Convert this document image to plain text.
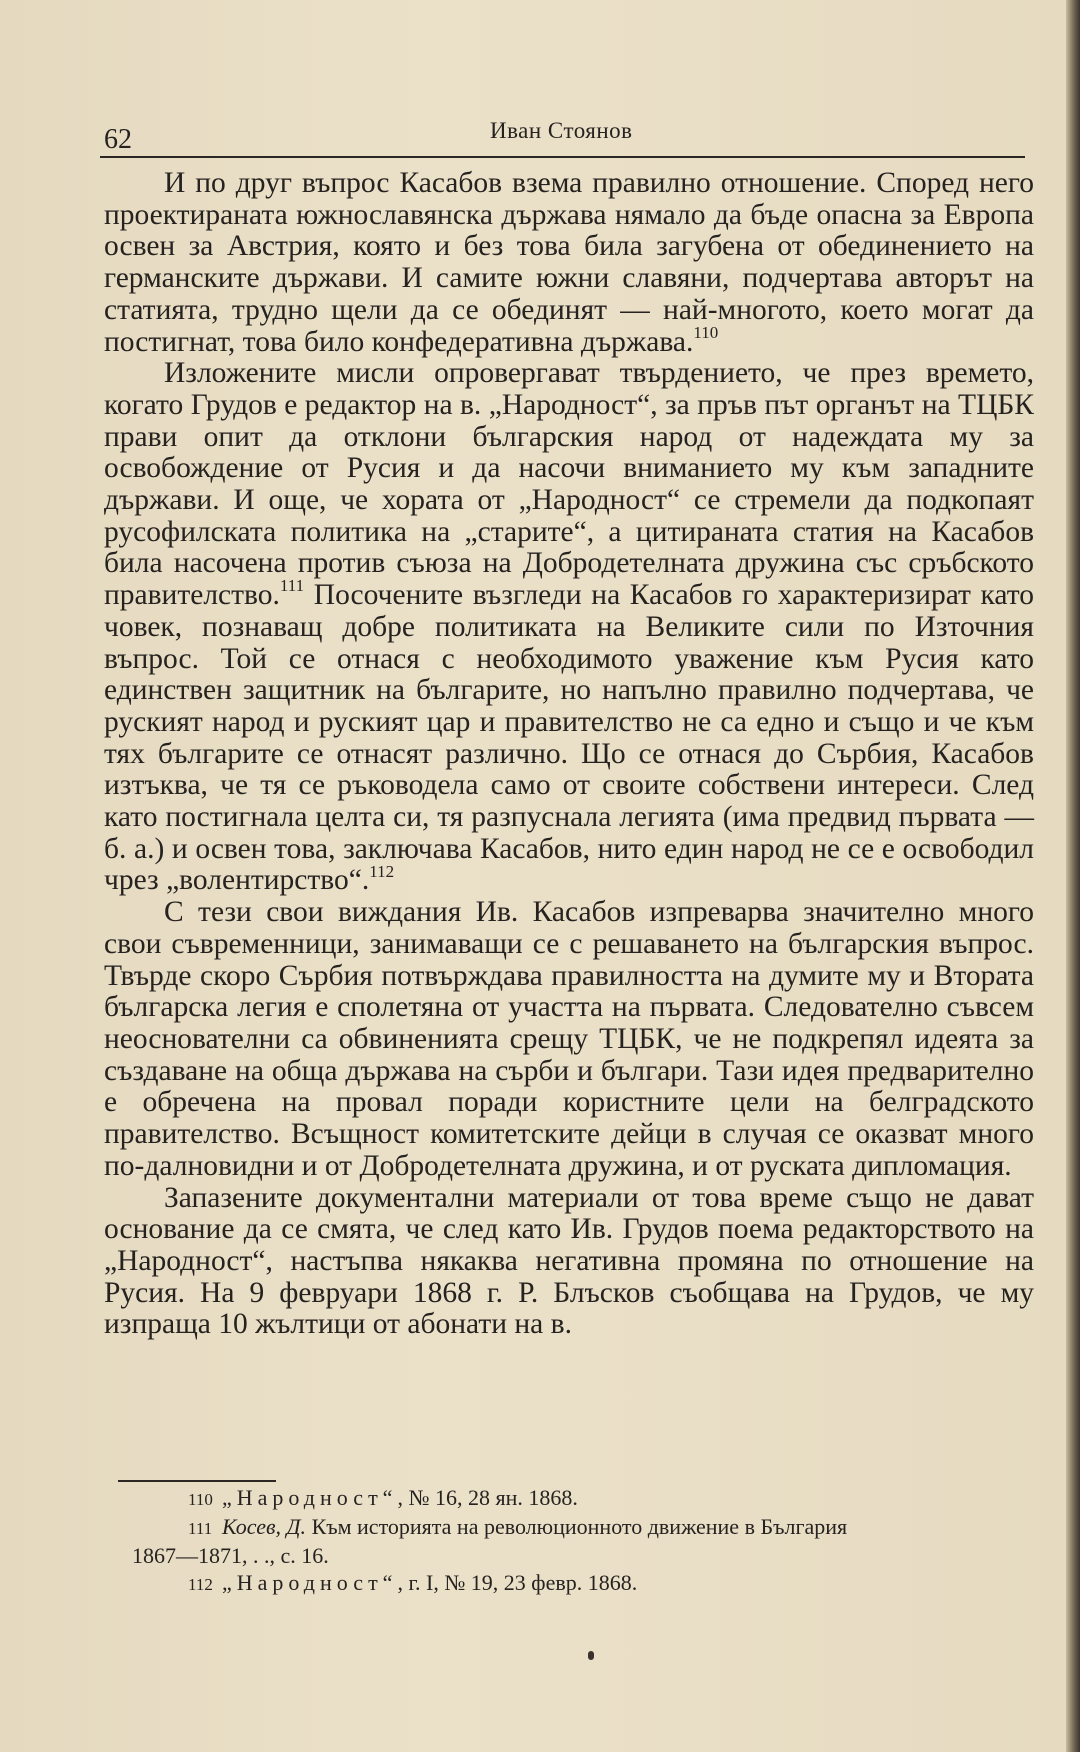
62	Иван Стоянов

И по друг въпрос Касабов взема правилно отношение. Според него проектираната южнославянска държава нямало да бъде опасна за Европа освен за Австрия, която и без това била загубена от обединението на германските държави. И самите южни славяни, подчертава авторът на статията, трудно щели да се обединят — най-многото, което могат да постигнат, това било конфедеративна държава.$^{110}$

Изложените мисли опровергават твърдението, че през времето, когато Грудов е редактор на в. „Народност“, за пръв път органът на ТЦБК прави опит да отклони българския народ от надеждата му за освобождение от Русия и да насочи вниманието му към западните държави. И още, че хората от „Народност“ се стремели да подкопаят русофилската политика на „старите“, а цитираната статия на Касабов била насочена против съюза на Добродетелната дружина със сръбското правителство.$^{111}$ Посочените възгледи на Касабов го характеризират като човек, познаващ добре политиката на Великите сили по Източния въпрос. Той се отнася с необходимото уважение към Русия като единствен защитник на българите, но напълно правилно подчертава, че руският народ и руският цар и правителство не са едно и също и че към тях българите се отнасят различно. Що се отнася до Сърбия, Касабов изтъква, че тя се ръководела само от своите собствени интереси. След като постигнала целта си, тя разпуснала легията (има предвид първата — б. а.) и освен това, заключава Касабов, нито един народ не се е освободил чрез „волентирство“.$^{112}$

С тези свои виждания Ив. Касабов изпреварва значително много свои съвременници, занимаващи се с решаването на българския въпрос. Твърде скоро Сърбия потвърждава правилността на думите му и Втората българска легия е сполетяна от участта на първата. Следователно съвсем неоснователни са обвиненията срещу ТЦБК, че не подкрепял идеята за създаване на обща държава на сърби и българи. Тази идея предварително е обречена на провал поради користните цели на белградското правителство. Всъщност комитетските дейци в случая се оказват много по-далновидни и от Добродетелната дружина, и от руската дипломация.

Запазените документални материали от това време също не дават основание да се смята, че след като Ив. Грудов поема редакторството на „Народност“, настъпва някаква негативна промяна по отношение на Русия. На 9 февруари 1868 г. Р. Блъсков съобщава на Грудов, че му изпраща 10 жълтици от абонати на в.

110 „Народност“, № 16, 28 ян. 1868.

111 Косев, Д. Към историята на революционното движение в България

1867—1871, . ., с. 16.

112 „Народност“, г. I, № 19, 23 февр. 1868.
